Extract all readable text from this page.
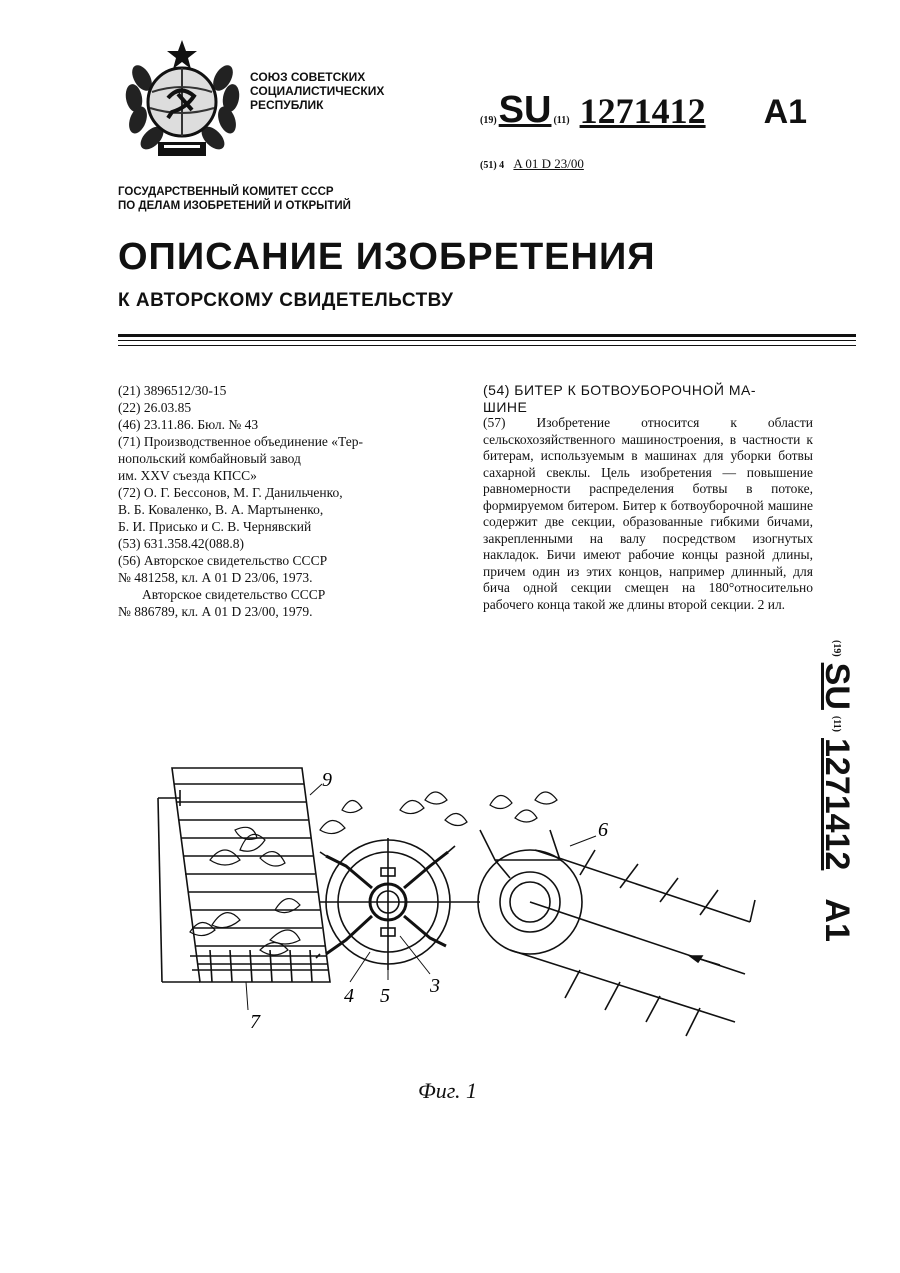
СОЮЗ СОВЕТСКИХ
СОЦИАЛИСТИЧЕСКИХ
РЕСПУБЛИК
ГОСУДАРСТВЕННЫЙ КОМИТЕТ СССР
ПО ДЕЛАМ ИЗОБРЕТЕНИЙ И ОТКРЫТИЙ
ОПИСАНИЕ ИЗОБРЕТЕНИЯ
К АВТОРСКОМУ СВИДЕТЕЛЬСТВУ
(19) SU (11) 1271412 A1
(51) 4 A 01 D 23/00
(21) 3896512/30-15
(22) 26.03.85
(46) 23.11.86. Бюл. № 43
(71) Производственное объединение «Тер-
нопольский комбайновый завод
им. XXV съезда КПСС»
(72) О. Г. Бессонов, М. Г. Данильченко,
В. Б. Коваленко, В. А. Мартыненко,
Б. И. Присько и С. В. Чернявский
(53) 631.358.42(088.8)
(56) Авторское свидетельство СССР
№ 481258, кл. А 01 D 23/06, 1973.
Авторское свидетельство СССР
№ 886789, кл. А 01 D 23/00, 1979.
(54) БИТЕР К БОТВОУБОРОЧНОЙ МА-
ШИНЕ
(57) Изобретение относится к области сельскохозяйственного машиностроения, в частности к битерам, используемым в машинах для уборки ботвы сахарной свеклы. Цель изобретения — повышение равномерности распределения ботвы в потоке, формируемом битером. Битер к ботвоуборочной машине содержит две секции, образованные гибкими бичами, закрепленными на валу посредством изогнутых накладок. Бичи имеют рабочие концы разной длины, причем один из этих концов, например длинный, для бича одной секции смещен на 180°относительно рабочего конца такой же длины второй секции. 2 ил.
(19)
SU
(11)
1271412
A1
9
6
4 5 3
7
Фиг. 1
